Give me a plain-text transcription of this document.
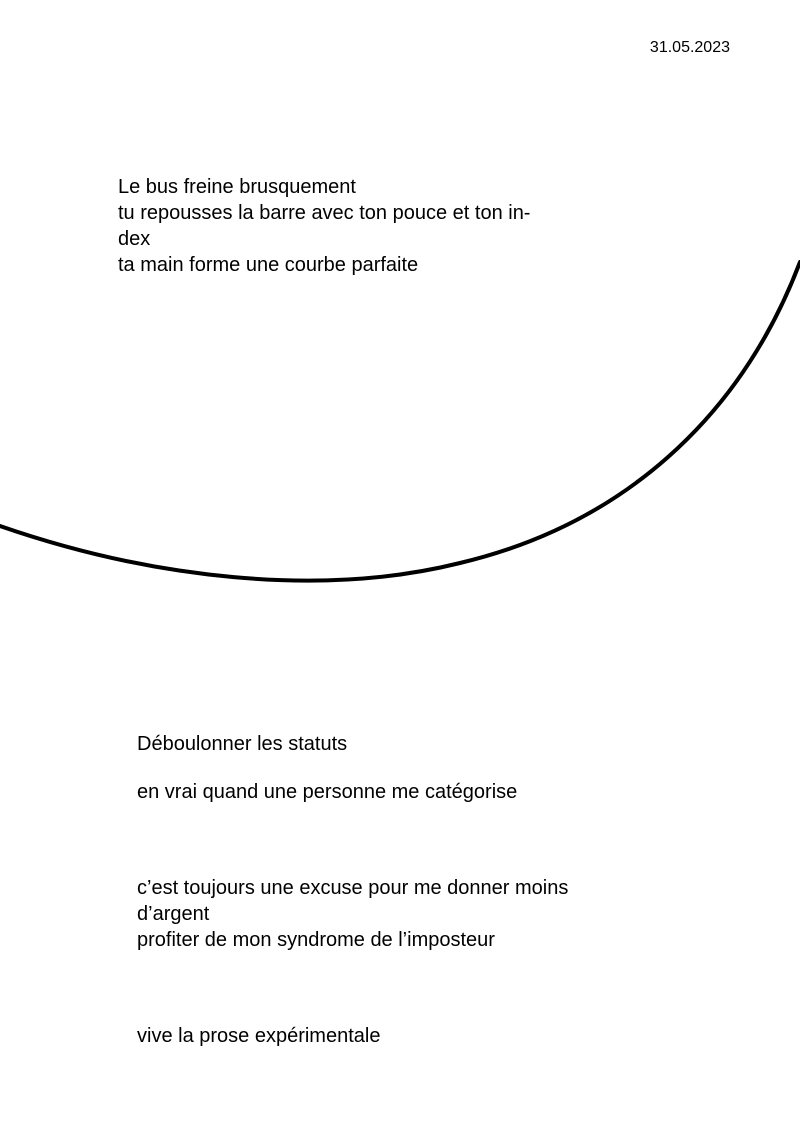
31.05.2023
Le bus freine brusquement
tu repousses la barre avec ton pouce et ton in-
dex
ta main forme une courbe parfaite
Déboulonner les statuts
en vrai quand une personne me catégorise
c’est toujours une excuse pour me donner moins
d’argent
profiter de mon syndrome de l’imposteur
vive la prose expérimentale
